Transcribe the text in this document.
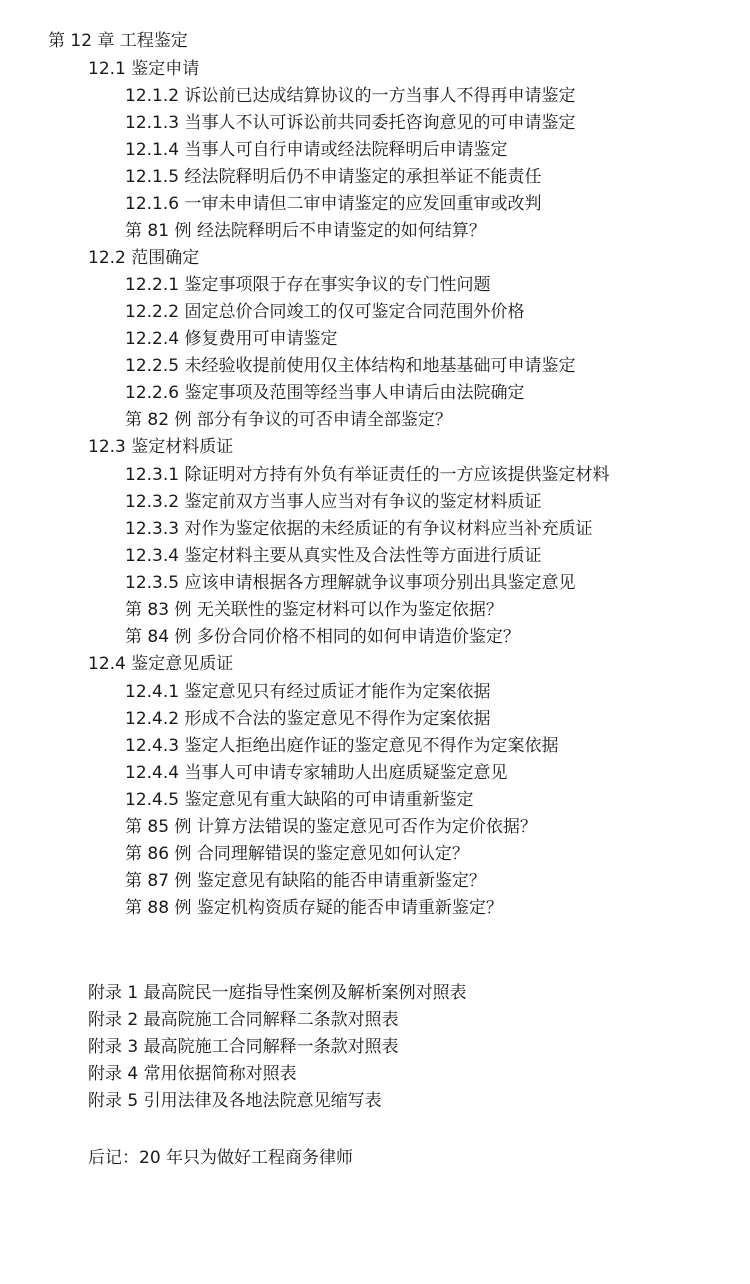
第 12 章 工程鉴定
12.1 鉴定申请
12.1.2 诉讼前已达成结算协议的一方当事人不得再申请鉴定
12.1.3 当事人不认可诉讼前共同委托咨询意见的可申请鉴定
12.1.4 当事人可自行申请或经法院释明后申请鉴定
12.1.5 经法院释明后仍不申请鉴定的承担举证不能责任
12.1.6 一审未申请但二审申请鉴定的应发回重审或改判
第 81 例 经法院释明后不申请鉴定的如何结算？
12.2 范围确定
12.2.1 鉴定事项限于存在事实争议的专门性问题
12.2.2 固定总价合同竣工的仅可鉴定合同范围外价格
12.2.4 修复费用可申请鉴定
12.2.5 未经验收提前使用仅主体结构和地基基础可申请鉴定
12.2.6 鉴定事项及范围等经当事人申请后由法院确定
第 82 例 部分有争议的可否申请全部鉴定？
12.3 鉴定材料质证
12.3.1 除证明对方持有外负有举证责任的一方应该提供鉴定材料
12.3.2 鉴定前双方当事人应当对有争议的鉴定材料质证
12.3.3 对作为鉴定依据的未经质证的有争议材料应当补充质证
12.3.4 鉴定材料主要从真实性及合法性等方面进行质证
12.3.5 应该申请根据各方理解就争议事项分别出具鉴定意见
第 83 例 无关联性的鉴定材料可以作为鉴定依据？
第 84 例 多份合同价格不相同的如何申请造价鉴定？
12.4 鉴定意见质证
12.4.1 鉴定意见只有经过质证才能作为定案依据
12.4.2 形成不合法的鉴定意见不得作为定案依据
12.4.3 鉴定人拒绝出庭作证的鉴定意见不得作为定案依据
12.4.4 当事人可申请专家辅助人出庭质疑鉴定意见
12.4.5 鉴定意见有重大缺陷的可申请重新鉴定
第 85 例 计算方法错误的鉴定意见可否作为定价依据？
第 86 例 合同理解错误的鉴定意见如何认定？
第 87 例 鉴定意见有缺陷的能否申请重新鉴定？
第 88 例 鉴定机构资质存疑的能否申请重新鉴定？
附录 1 最高院民一庭指导性案例及解析案例对照表
附录 2 最高院施工合同解释二条款对照表
附录 3 最高院施工合同解释一条款对照表
附录 4 常用依据简称对照表
附录 5 引用法律及各地法院意见缩写表
后记：20 年只为做好工程商务律师
